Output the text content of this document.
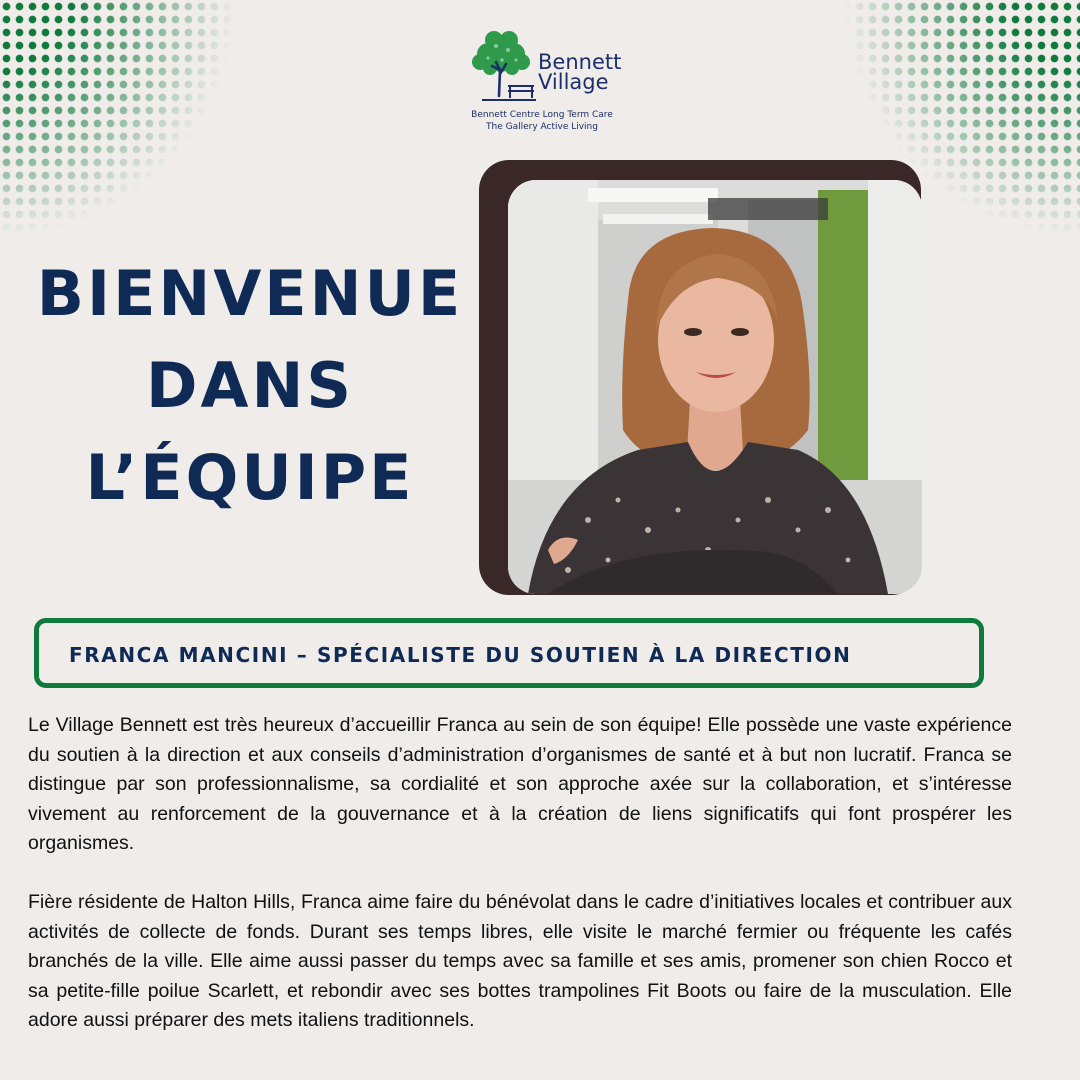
Bennett
Village
Bennett Centre Long Term Care
The Gallery Active Living
BIENVENUE
DANS
L’ÉQUIPE
FRANCA MANCINI – SPÉCIALISTE DU SOUTIEN À LA DIRECTION

Le Village Bennett est très heureux d’accueillir Franca au sein de son équipe! Elle possède une vaste expérience du soutien à la direction et aux conseils d’administration d’organismes de santé et à but non lucratif. Franca se distingue par son professionnalisme, sa cordialité et son approche axée sur la collaboration, et s’intéresse vivement au renforcement de la gouvernance et à la création de liens significatifs qui font prospérer les organismes.

Fière résidente de Halton Hills, Franca aime faire du bénévolat dans le cadre d’initiatives locales et contribuer aux activités de collecte de fonds. Durant ses temps libres, elle visite le marché fermier ou fréquente les cafés branchés de la ville. Elle aime aussi passer du temps avec sa famille et ses amis, promener son chien Rocco et sa petite-fille poilue Scarlett, et rebondir avec ses bottes trampolines Fit Boots ou faire de la musculation. Elle adore aussi préparer des mets italiens traditionnels.
